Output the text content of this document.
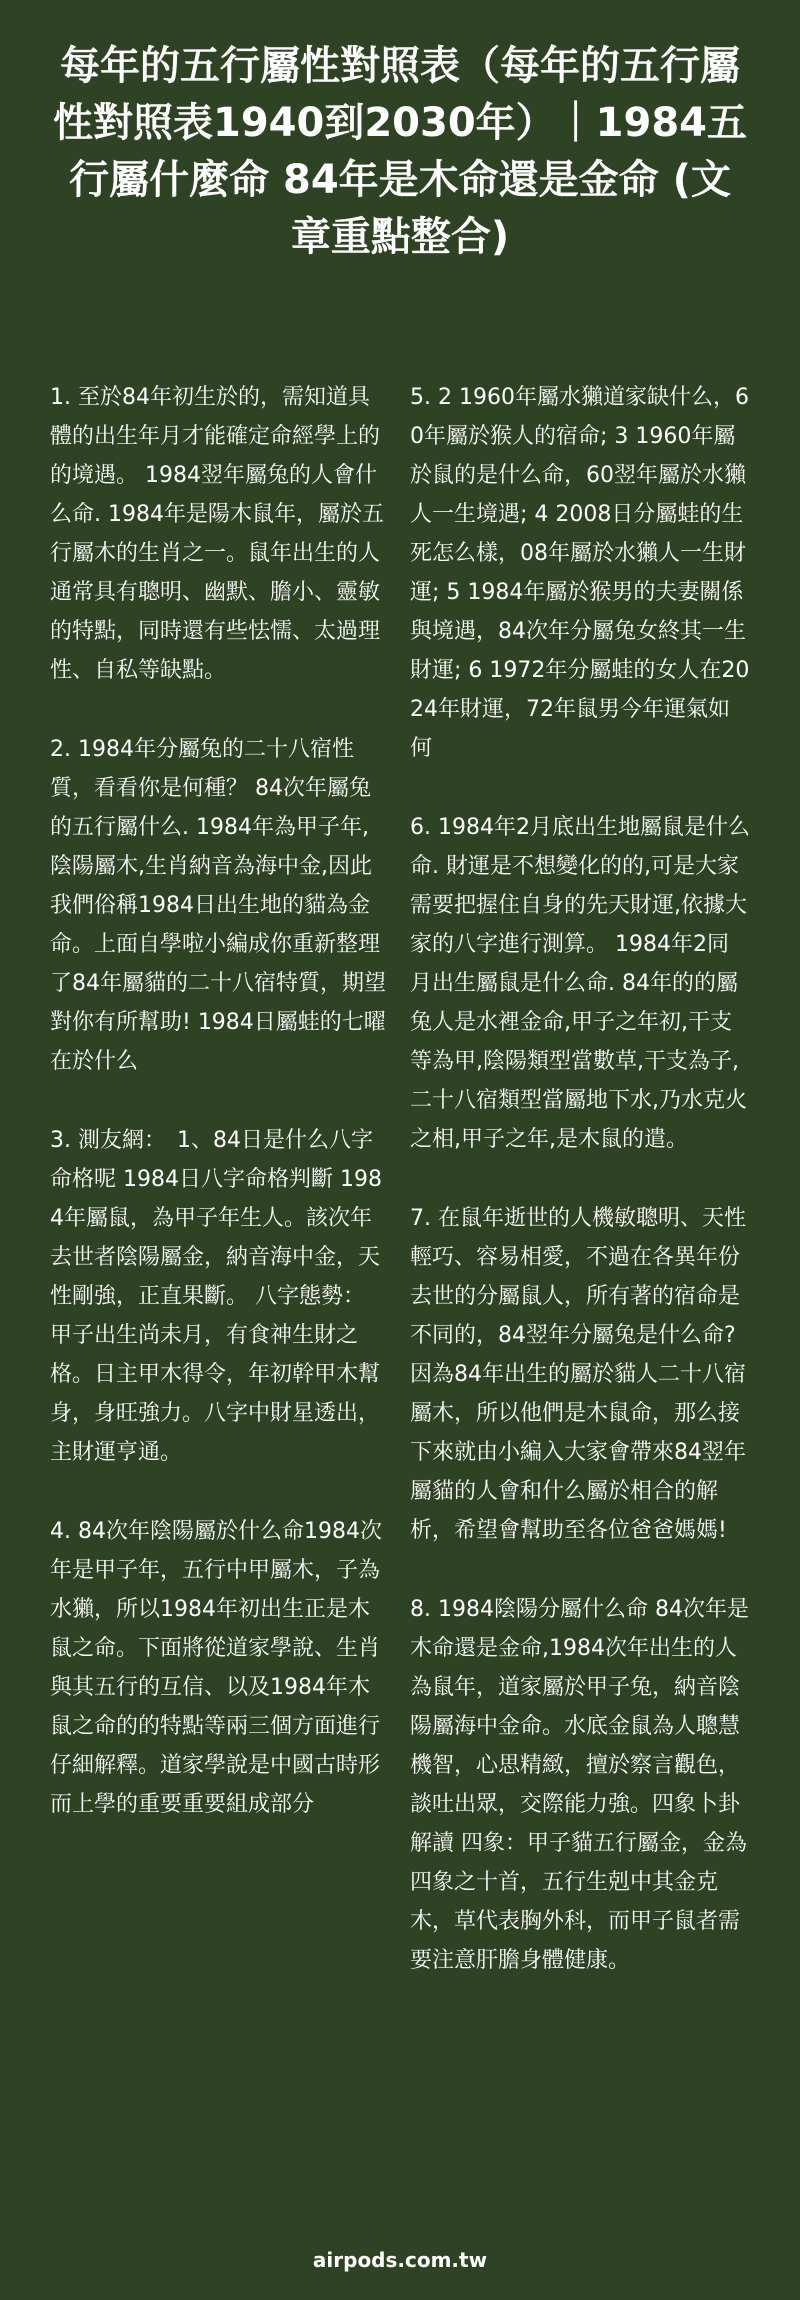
每年的五行屬性對照表（每年的五行屬性對照表1940到2030年）｜1984五行屬什麼命 84年是木命還是金命 (文章重點整合)

1. 至於84年初生於的，需知道具體的出生年月才能確定命經學上的的境遇。 1984翌年屬兔的人會什么命. 1984年是陽木鼠年，屬於五行屬木的生肖之一。鼠年出生的人通常具有聰明、幽默、膽小、靈敏的特點，同時還有些怯懦、太過理性、自私等缺點。

2. 1984年分屬兔的二十八宿性質，看看你是何種？ 84次年屬兔的五行屬什么. 1984年為甲子年,陰陽屬木,生肖納音為海中金,因此我們俗稱1984日出生地的貓為金命。上面自學啦小編成你重新整理了84年屬貓的二十八宿特質，期望對你有所幫助! 1984日屬蛙的七曜在於什么

3. 測友網：　1、84日是什么八字命格呢 1984日八字命格判斷 1984年屬鼠，為甲子年生人。該次年去世者陰陽屬金，納音海中金，天性剛強，正直果斷。 八字態勢： 甲子出生尚未月，有食神生財之格。日主甲木得令，年初幹甲木幫身，身旺強力。八字中財星透出，主財運亨通。

4. 84次年陰陽屬於什么命1984次年是甲子年，五行中甲屬木，子為水獺，所以1984年初出生正是木鼠之命。下面將從道家學說、生肖與其五行的互信、以及1984年木鼠之命的的特點等兩三個方面進行仔細解釋。道家學說是中國古時形而上學的重要重要組成部分

5. 2 1960年屬水獺道家缺什么，60年屬於猴人的宿命; 3 1960年屬於鼠的是什么命，60翌年屬於水獺人一生境遇; 4 2008日分屬蛙的生死怎么樣，08年屬於水獺人一生財運; 5 1984年屬於猴男的夫妻關係與境遇，84次年分屬兔女終其一生財運; 6 1972年分屬蛙的女人在2024年財運，72年鼠男今年運氣如何

6. 1984年2月底出生地屬鼠是什么命. 財運是不想變化的的,可是大家需要把握住自身的先天財運,依據大家的八字進行測算。 1984年2同月出生屬鼠是什么命. 84年的的屬兔人是水裡金命,甲子之年初,干支等為甲,陰陽類型當數草,干支為子,二十八宿類型當屬地下水,乃水克火之相,甲子之年,是木鼠的遣。

7. 在鼠年逝世的人機敏聰明、天性輕巧、容易相愛，不過在各異年份去世的分屬鼠人，所有著的宿命是不同的，84翌年分屬兔是什么命?因為84年出生的屬於貓人二十八宿屬木，所以他們是木鼠命，那么接下來就由小編入大家會帶來84翌年屬貓的人會和什么屬於相合的解析，希望會幫助至各位爸爸媽媽!

8. 1984陰陽分屬什么命 84次年是木命還是金命,1984次年出生的人為鼠年，道家屬於甲子兔，納音陰陽屬海中金命。水底金鼠為人聰慧機智，心思精緻，擅於察言觀色，談吐出眾，交際能力強。四象卜卦解讀 四象：甲子貓五行屬金，金為四象之十首，五行生剋中其金克木，草代表胸外科，而甲子鼠者需要注意肝膽身體健康。

airpods.com.tw
